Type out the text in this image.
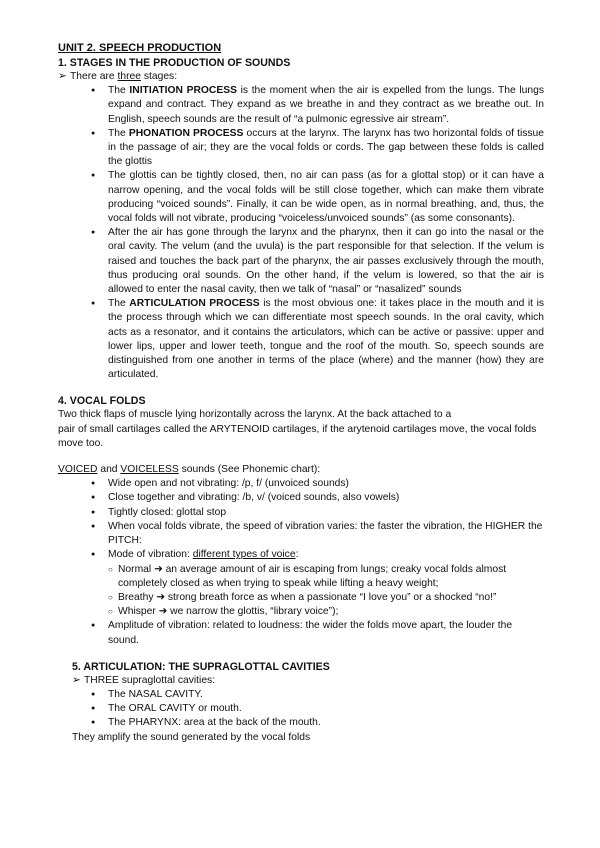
UNIT 2. SPEECH PRODUCTION
1. STAGES IN THE PRODUCTION OF SOUNDS
➢ There are three stages:
● The INITIATION PROCESS is the moment when the air is expelled from the lungs. The lungs expand and contract. They expand as we breathe in and they contract as we breathe out. In English, speech sounds are the result of “a pulmonic egressive air stream”.
● The PHONATION PROCESS occurs at the larynx. The larynx has two horizontal folds of tissue in the passage of air; they are the vocal folds or cords. The gap between these folds is called the glottis
● The glottis can be tightly closed, then, no air can pass (as for a glottal stop) or it can have a narrow opening, and the vocal folds will be still close together, which can make them vibrate producing “voiced sounds”. Finally, it can be wide open, as in normal breathing, and, thus, the vocal folds will not vibrate, producing “voiceless/unvoiced sounds” (as some consonants).
● After the air has gone through the larynx and the pharynx, then it can go into the nasal or the oral cavity. The velum (and the uvula) is the part responsible for that selection. If the velum is raised and touches the back part of the pharynx, the air passes exclusively through the mouth, thus producing oral sounds. On the other hand, if the velum is lowered, so that the air is allowed to enter the nasal cavity, then we talk of “nasal” or “nasalized” sounds
● The ARTICULATION PROCESS is the most obvious one: it takes place in the mouth and it is the process through which we can differentiate most speech sounds. In the oral cavity, which acts as a resonator, and it contains the articulators, which can be active or passive: upper and lower lips, upper and lower teeth, tongue and the roof of the mouth. So, speech sounds are distinguished from one another in terms of the place (where) and the manner (how) they are articulated.
4. VOCAL FOLDS
Two thick flaps of muscle lying horizontally across the larynx. At the back attached to a
pair of small cartilages called the ARYTENOID cartilages, if the arytenoid cartilages move, the vocal folds move too.
VOICED and VOICELESS sounds (See Phonemic chart):
● Wide open and not vibrating: /p, f/ (unvoiced sounds)
● Close together and vibrating: /b, v/ (voiced sounds, also vowels)
● Tightly closed: glottal stop
● When vocal folds vibrate, the speed of vibration varies: the faster the vibration, the HIGHER the PITCH:
● Mode of vibration: different types of voice:
○ Normal ➜ an average amount of air is escaping from lungs; creaky vocal folds almost completely closed as when trying to speak while lifting a heavy weight;
○ Breathy ➜ strong breath force as when a passionate “I love you” or a shocked “no!”
○ Whisper ➜ we narrow the glottis, “library voice”);
● Amplitude of vibration: related to loudness: the wider the folds move apart, the louder the sound.
5. ARTICULATION: THE SUPRAGLOTTAL CAVITIES
➢ THREE supraglottal cavities:
● The NASAL CAVITY.
● The ORAL CAVITY or mouth.
● The PHARYNX: area at the back of the mouth.
They amplify the sound generated by the vocal folds
